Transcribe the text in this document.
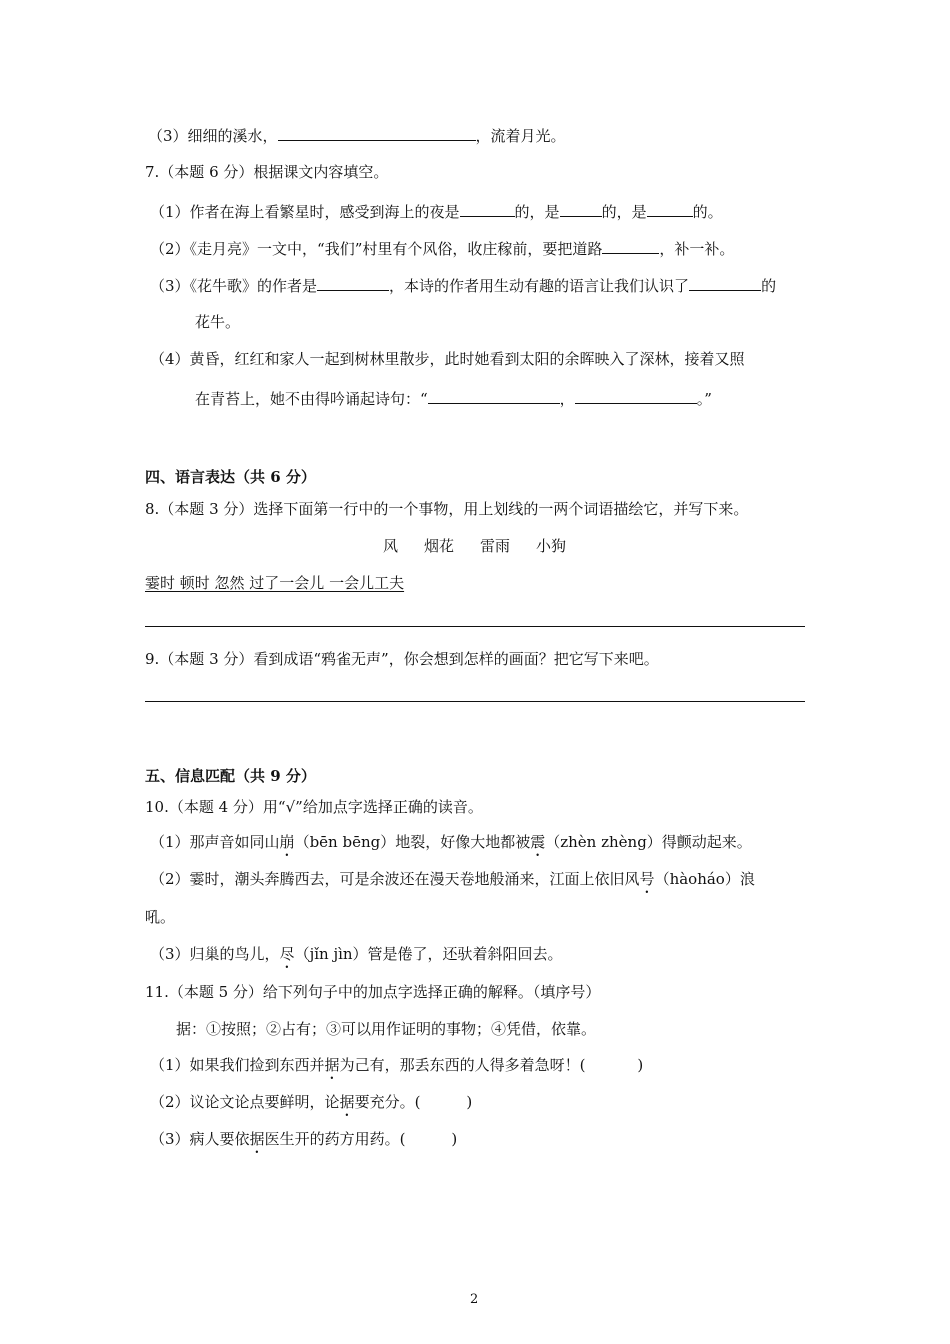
（3）细细的溪水，	，流着月光。
7.（本题 6 分）根据课文内容填空。
（1）作者在海上看繁星时，感受到海上的夜是	的，是	的，是	的。
（2）《走月亮》一文中，“我们”村里有个风俗，收庄稼前，要把道路	，补一补。
（3）《花牛歌》的作者是	，本诗的作者用生动有趣的语言让我们认识了	的
花牛。
（4）黄昏，红红和家人一起到树林里散步，此时她看到太阳的余晖映入了深林，接着又照
在青苔上，她不由得吟诵起诗句：“	，	。”
四、语言表达（共 6 分）
8.（本题 3 分）选择下面第一行中的一个事物，用上划线的一两个词语描绘它，并写下来。
风 烟花 雷雨 小狗
霎时 顿时 忽然 过了一会儿 一会儿工夫
9.（本题 3 分）看到成语“鸦雀无声”，你会想到怎样的画面？把它写下来吧。
五、信息匹配（共 9 分）
10.（本题 4 分）用“√”给加点字选择正确的读音。
（1）那声音如同山崩（bēn bēng）地裂，好像大地都被震（zhèn zhèng）得颤动起来。
（2）霎时，潮头奔腾西去，可是余波还在漫天卷地般涌来，江面上依旧风号（hàoháo）浪
吼。
（3）归巢的鸟儿，尽（jǐn jìn）管是倦了，还驮着斜阳回去。
11.（本题 5 分）给下列句子中的加点字选择正确的解释。（填序号）
据：①按照；②占有；③可以用作证明的事物；④凭借，依靠。
（1）如果我们捡到东西并据为己有，那丢东西的人得多着急呀！(	)
（2）议论文论点要鲜明，论据要充分。(	)
（3）病人要依据医生开的药方用药。(	)
2
